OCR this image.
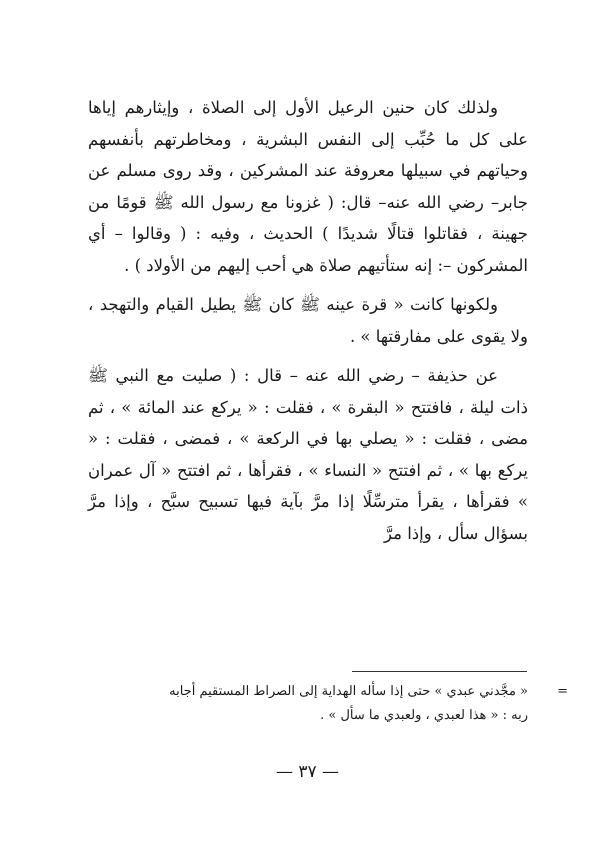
ولذلك كان حنين الرعيل الأول إلى الصلاة ، وإيثارهم إياها على كل ما حُبِّب إلى النفس البشرية ، ومخاطرتهم بأنفسهم وحياتهم في سبيلها معروفة عند المشركين ، وقد روى مسلم عن جابر– رضي الله عنه– قال: ( غزونا مع رسول الله ﷺ قومًا من جهينة ، فقاتلوا قتالًا شديدًا ) الحديث ، وفيه : ( وقالوا – أي المشركون –: إنه ستأتيهم صلاة هي أحب إليهم من الأولاد ) .

ولكونها كانت « قرة عينه ﷺ كان ﷺ يطيل القيام والتهجد ، ولا يقوى على مفارقتها » .

عن حذيفة – رضي الله عنه – قال : ( صليت مع النبي ﷺ ذات ليلة ، فافتتح « البقرة » ، فقلت : « يركع عند المائة » ، ثم مضى ، فقلت : « يصلي بها في الركعة » ، فمضى ، فقلت : « يركع بها » ، ثم افتتح « النساء » ، فقرأها ، ثم افتتح « آل عمران » فقرأها ، يقرأ مترسِّلًا إذا مرَّ بآية فيها تسبيح سبَّح ، وإذا مرَّ بسؤال سأل ، وإذا مرَّ

=
« مجَّدني عبدي » حتى إذا سأله الهداية إلى الصراط المستقيم أجابه
ربه : « هذا لعبدي ، ولعبدي ما سأل » .
— ٣٧ —
